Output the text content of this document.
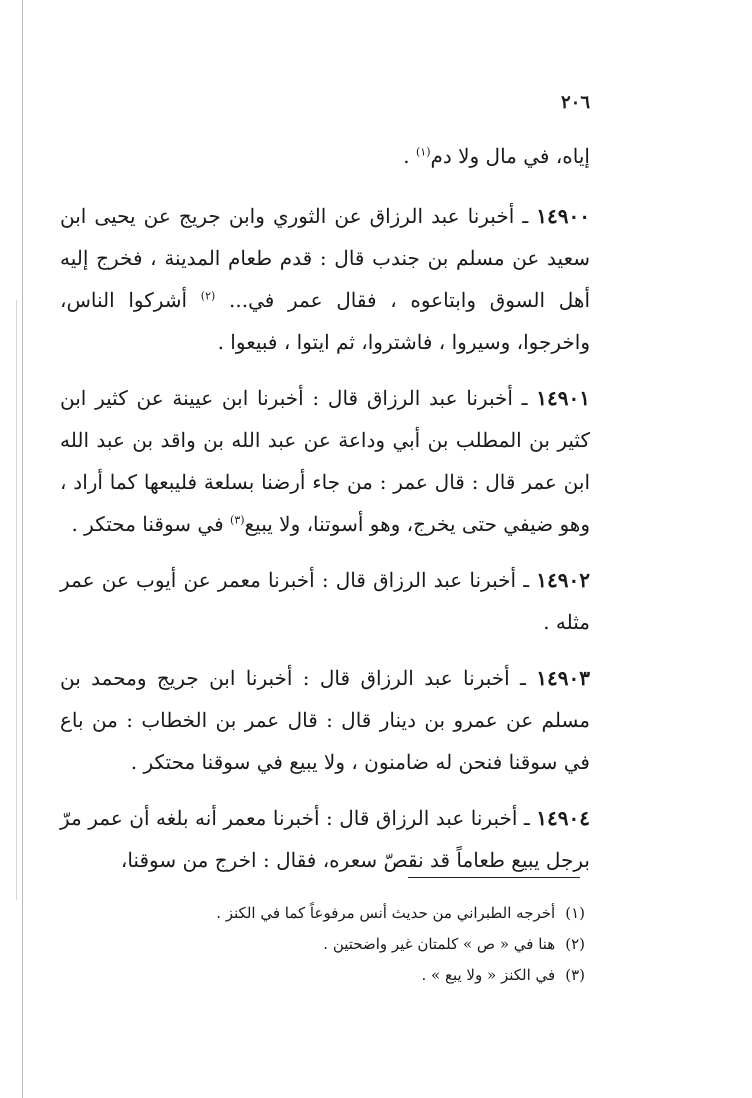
٢٠٦

إياه، في مال ولا دم$^{(١)}$ .

١٤٩٠٠ ـ أخبرنا عبد الرزاق عن الثوري وابن جريج عن يحيى ابن سعيد عن مسلم بن جندب قال : قدم طعام المدينة ، فخرج إليه أهل السوق وابتاعوه ، فقال عمر في... $^{(٢)}$ أشركوا الناس، واخرجوا، وسيروا ، فاشتروا، ثم ايتوا ، فبيعوا .

١٤٩٠١ ـ أخبرنا عبد الرزاق قال : أخبرنا ابن عيينة عن كثير ابن كثير بن المطلب بن أبي وداعة عن عبد الله بن واقد بن عبد الله ابن عمر قال : قال عمر : من جاء أرضنا بسلعة فليبعها كما أراد ، وهو ضيفي حتى يخرج، وهو أسوتنا، ولا يبيع$^{(٣)}$ في سوقنا محتكر .

١٤٩٠٢ ـ أخبرنا عبد الرزاق قال : أخبرنا معمر عن أيوب عن عمر مثله .

١٤٩٠٣ ـ أخبرنا عبد الرزاق قال : أخبرنا ابن جريج ومحمد بن مسلم عن عمرو بن دينار قال : قال عمر بن الخطاب : من باع في سوقنا فنحن له ضامنون ، ولا يبيع في سوقنا محتكر .

١٤٩٠٤ ـ أخبرنا عبد الرزاق قال : أخبرنا معمر أنه بلغه أن عمر مرّ برجل يبيع طعاماً قد نقصّ سعره، فقال : اخرج من سوقنا،

(١)أخرجه الطبراني من حديث أنس مرفوعاً كما في الكنز .
(٢)هنا في « ص » كلمتان غير واضحتين .
(٣)في الكنز « ولا يبع » .
